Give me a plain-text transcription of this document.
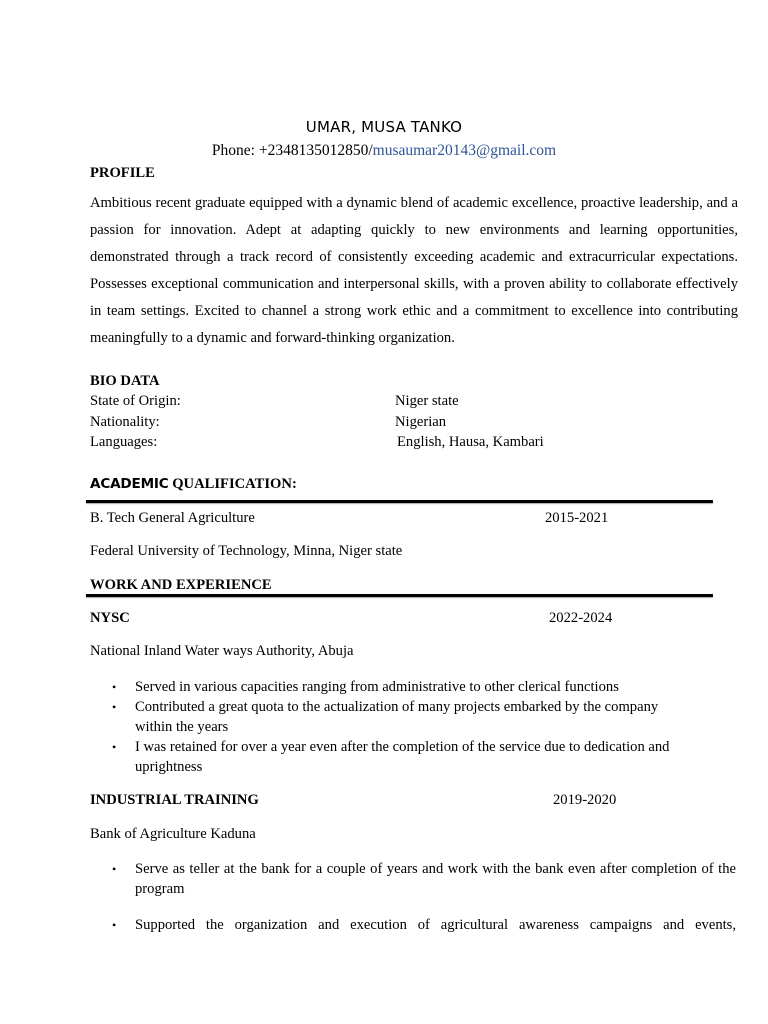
UMAR, MUSA TANKO
Phone: +2348135012850/musaumar20143@gmail.com
PROFILE
Ambitious recent graduate equipped with a dynamic blend of academic excellence, proactive leadership, and a passion for innovation. Adept at adapting quickly to new environments and learning opportunities, demonstrated through a track record of consistently exceeding academic and extracurricular expectations. Possesses exceptional communication and interpersonal skills, with a proven ability to collaborate effectively in team settings. Excited to channel a strong work ethic and a commitment to excellence into contributing meaningfully to a dynamic and forward-thinking organization.
BIO DATA
State of Origin:	Niger state
Nationality:	Nigerian
Languages:	English, Hausa, Kambari
ACADEMIC QUALIFICATION:
B. Tech General Agriculture	2015-2021
Federal University of Technology, Minna, Niger state
WORK AND EXPERIENCE
NYSC	2022-2024
National Inland Water ways Authority, Abuja
• Served in various capacities ranging from administrative to other clerical functions
• Contributed a great quota to the actualization of many projects embarked by the company within the years
• I was retained for over a year even after the completion of the service due to dedication and uprightness
INDUSTRIAL TRAINING	2019-2020
Bank of Agriculture Kaduna
• Serve as teller at the bank for a couple of years and work with the bank even after completion of the program
• Supported the organization and execution of agricultural awareness campaigns and events,
